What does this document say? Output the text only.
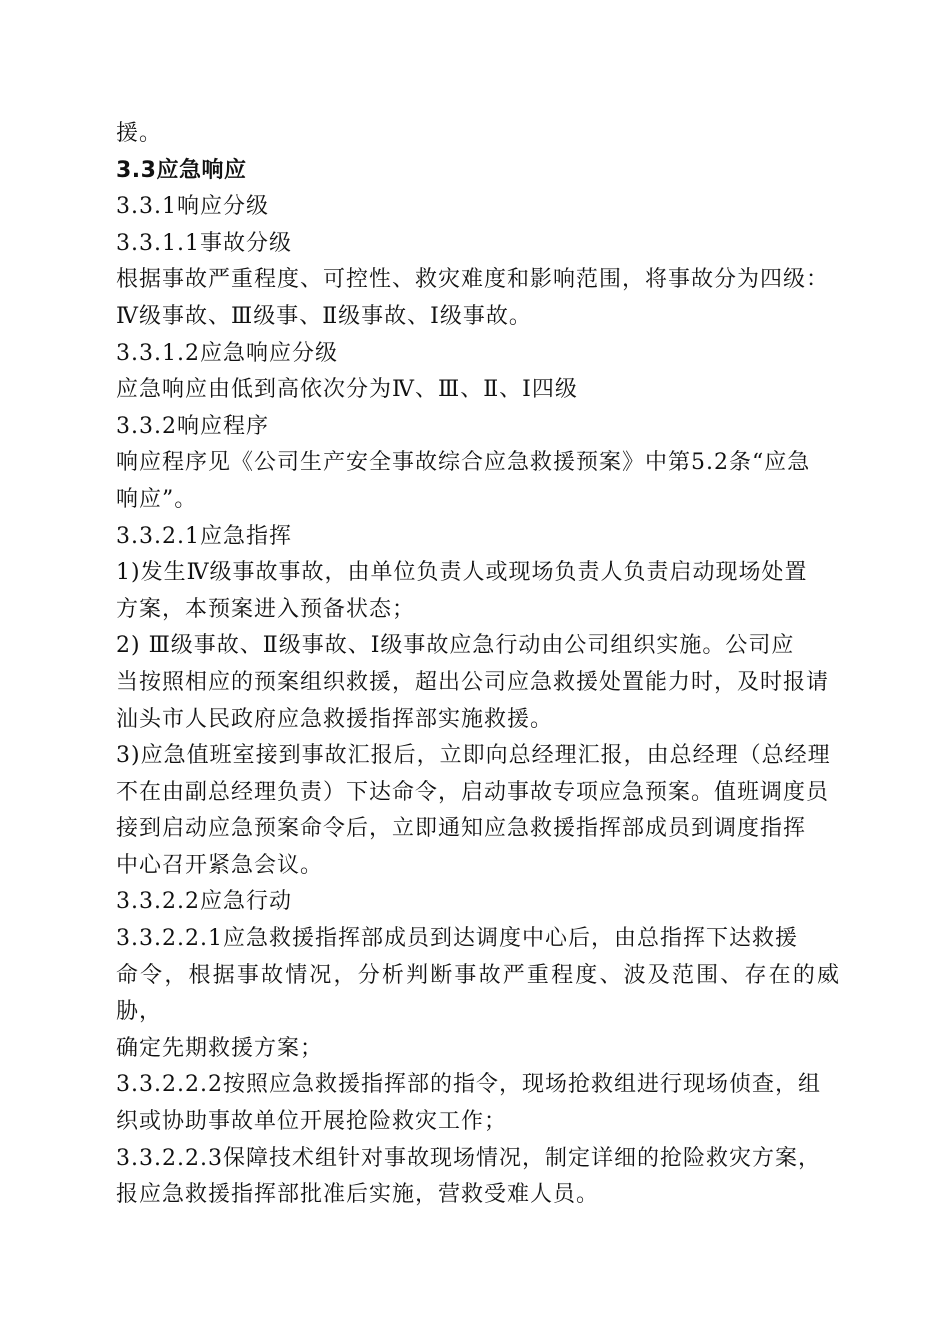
援。

3.3应急响应

3.3.1响应分级

3.3.1.1事故分级

根据事故严重程度、可控性、救灾难度和影响范围，将事故分为四级：

Ⅳ级事故、Ⅲ级事、Ⅱ级事故、Ⅰ级事故。

3.3.1.2应急响应分级

应急响应由低到高依次分为Ⅳ、Ⅲ、Ⅱ、Ⅰ四级

3.3.2响应程序

响应程序见《公司生产安全事故综合应急救援预案》中第5.2条“应急

响应”。

3.3.2.1应急指挥

1)发生Ⅳ级事故事故，由单位负责人或现场负责人负责启动现场处置

方案，本预案进入预备状态；

2) Ⅲ级事故、Ⅱ级事故、Ⅰ级事故应急行动由公司组织实施。公司应

当按照相应的预案组织救援，超出公司应急救援处置能力时，及时报请

汕头市人民政府应急救援指挥部实施救援。

3)应急值班室接到事故汇报后，立即向总经理汇报，由总经理（总经理

不在由副总经理负责）下达命令，启动事故专项应急预案。值班调度员

接到启动应急预案命令后，立即通知应急救援指挥部成员到调度指挥

中心召开紧急会议。

3.3.2.2应急行动

3.3.2.2.1应急救援指挥部成员到达调度中心后，由总指挥下达救援

命令，根据事故情况，分析判断事故严重程度、波及范围、存在的威胁，

确定先期救援方案；

3.3.2.2.2按照应急救援指挥部的指令，现场抢救组进行现场侦查，组

织或协助事故单位开展抢险救灾工作；

3.3.2.2.3保障技术组针对事故现场情况，制定详细的抢险救灾方案，

报应急救援指挥部批准后实施，营救受难人员。
